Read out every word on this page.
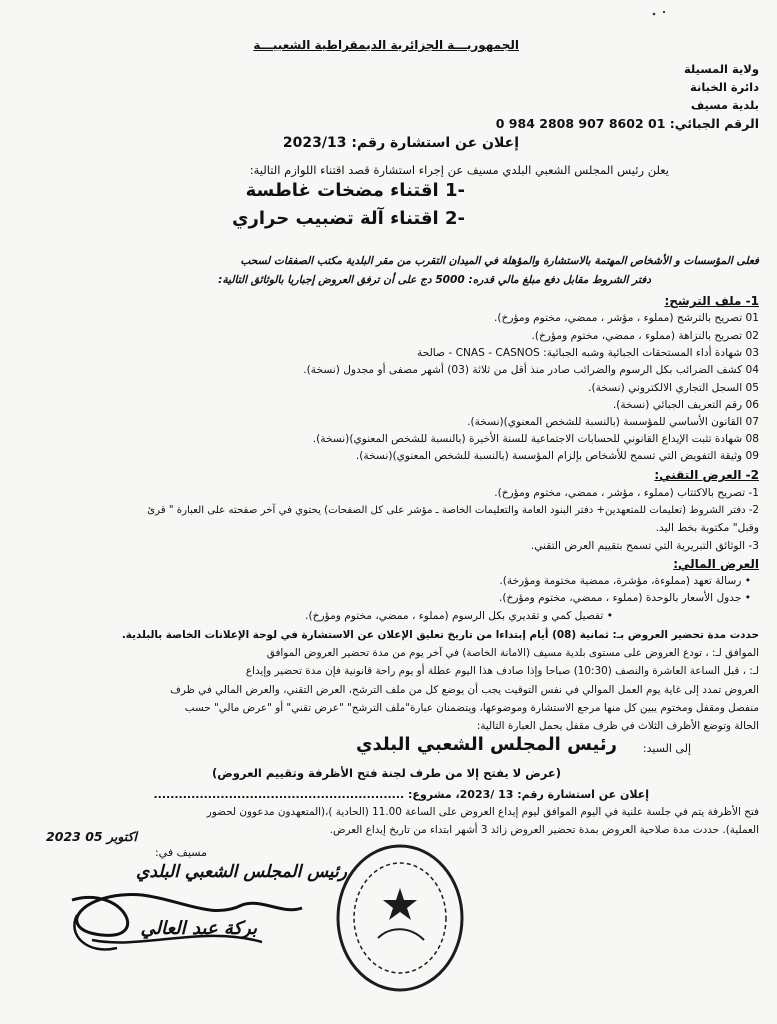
الجمهوريـــة الجزائرية الديمقراطية الشعبيـــة
ولاية المسيلة
دائرة الخبانة
بلدية مسيف
الرقم الجبائي: 01 8602 907 2808 984 0
إعلان عن استشارة رقم: 2023/13
يعلن رئيس المجلس الشعبي البلدي مسيف عن إجراء استشارة قصد اقتناء اللوازم التالية:
-1 اقتناء مضخات غاطسة
-2 اقتناء آلة تضبيب حراري
فعلى المؤسسات و الأشخاص المهتمة بالاستشارة والمؤهلة في الميدان التقرب من مقر البلدية مكتب الصفقات لسحب
دفتر الشروط مقابل دفع مبلغ مالي قدره: 5000 دج على أن ترفق العروض إجباريا بالوثائق التالية:
1- ملف الترشح:
01 تصريح بالترشح (مملوء ، مؤشر ، ممضي، مختوم ومؤرخ).
02 تصريح بالنزاهة (مملوء ، ممضي، مختوم ومؤرخ).
03 شهادة أداء المستحقات الجبائية وشبه الجبائية: CNAS - CASNOS - صالحة
04 كشف الضرائب بكل الرسوم والضرائب صادر منذ أقل من ثلاثة (03) أشهر مصفى أو مجدول (نسخة).
05 السجل التجاري الالكتروني (نسخة).
06 رقم التعريف الجبائي (نسخة).
07 القانون الأساسي للمؤسسة (بالنسبة للشخص المعنوي)(نسخة).
08 شهادة تثبت الإيداع القانوني للحسابات الاجتماعية للسنة الأخيرة (بالنسبة للشخص المعنوي)(نسخة).
09 وثيقة التفويض التي تسمح للأشخاص بإلزام المؤسسة (بالنسبة للشخص المعنوي)(نسخة).
2- العرض التقني:
1- تصريح بالاكتتاب (مملوء ، مؤشر ، ممضي، مختوم ومؤرخ).
2- دفتر الشروط (تعليمات للمتعهدين+ دفتر البنود العامة والتعليمات الخاصة ـ مؤشر على كل الصفحات) يحتوي في آخر صفحته على العبارة " قرئ
وقبل" مكتوبة بخط اليد.
3- الوثائق التبريرية التي تسمح بتقييم العرض التقني.
العرض المالي:
• رسالة تعهد (مملوءة، مؤشرة، ممضية مختومة ومؤرخة).
• جدول الأسعار بالوحدة (مملوء ، ممضي، مختوم ومؤرخ).
• تفصيل كمي و تقديري بكل الرسوم (مملوء ، ممضي، مختوم ومؤرخ).
حددت مدة تحضير العروض بـ: ثمانية (08) أيام إبتداءا من تاريخ تعليق الإعلان عن الاستشارة في لوحة الإعلانات الخاصة بالبلدية.
الموافق لـ: ، تودع العروض على مستوى بلدية مسيف (الامانة الخاصة) في آخر يوم من مدة تحضير العروض الموافق
لـ: ، قبل الساعة العاشرة والنصف (10:30) صباحا وإذا صادف هذا اليوم عطلة أو يوم راحة قانونية فإن مدة تحضير وإيداع
العروض تمدد إلى غاية يوم العمل الموالي في نفس التوقيت يجب أن يوضع كل من ملف الترشح، العرض التقني، والعرض المالي في ظرف
منفصل ومقفل ومختوم يبين كل منها مرجع الاستشارة وموضوعها، ويتضمنان عبارة"ملف الترشح" "عرض تقني" أو "عرض مالي" حسب
الحالة وتوضع الأظرف الثلاث في ظرف مقفل يحمل العبارة التالية:
إلى السيد:
رئيس المجلس الشعبي البلدي
(عرض لا يفتح إلا من طرف لجنة فتح الأظرفة وتقييم العروض)
إعلان عن استشارة رقم: 13 /2023، مشروع: ............................................................
فتح الأظرفة يتم في جلسة علنية في اليوم الموافق ليوم إيداع العروض على الساعة 11.00 (الحادية )،(المتعهدون مدعوون لحضور
العملية). حددت مدة صلاحية العروض بمدة تحضير العروض زائد 3 أشهر ابتداء من تاريخ إيداع العرض.
مسيف في:
2023 اكتوبر 05
رئيس المجلس الشعبي البلدي
بركة عبد العالي
